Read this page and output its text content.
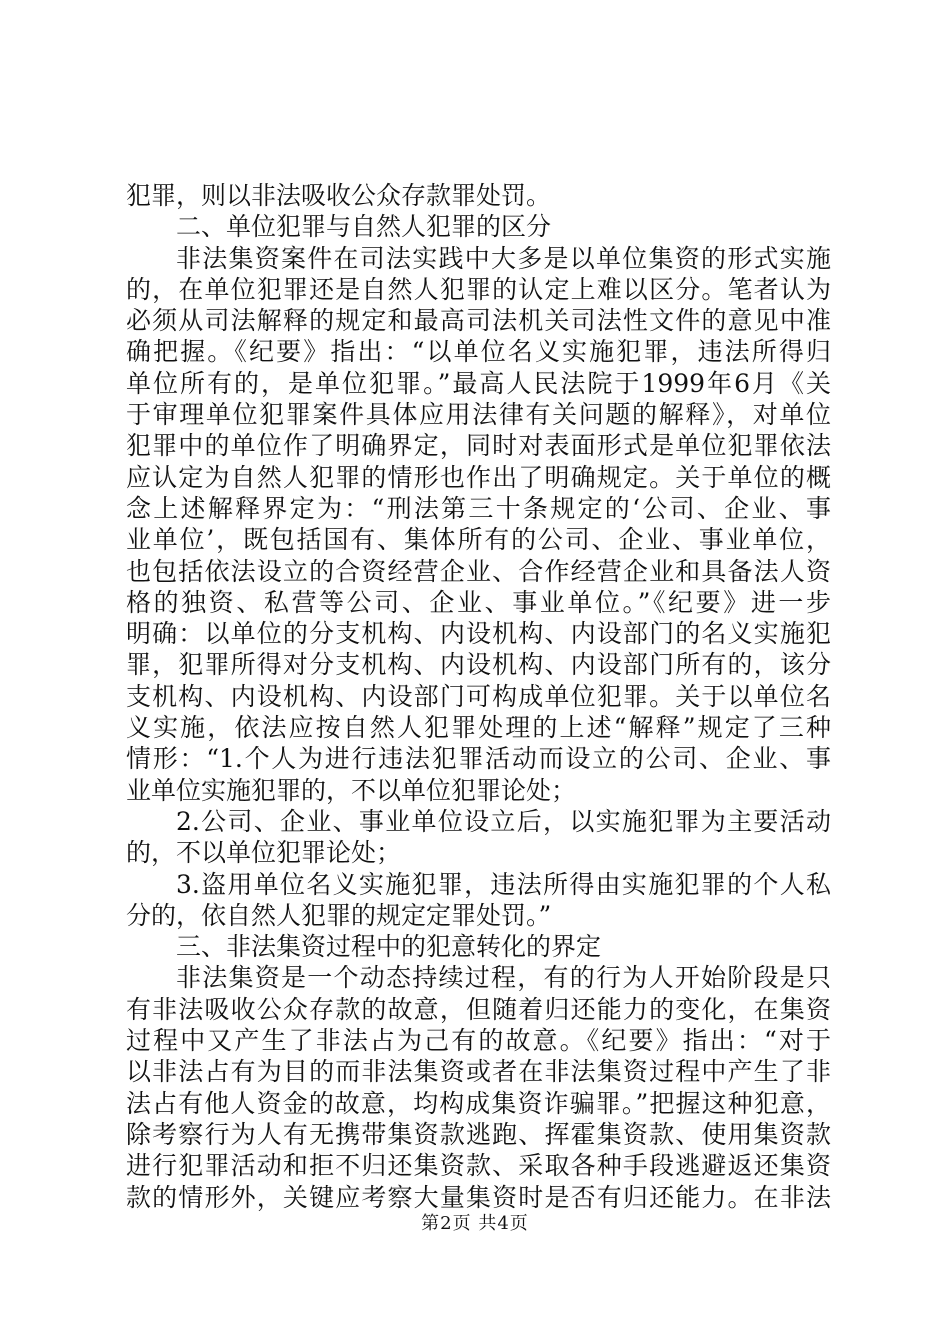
犯罪，则以非法吸收公众存款罪处罚。
二、单位犯罪与自然人犯罪的区分
非法集资案件在司法实践中大多是以单位集资的形式实施
的，在单位犯罪还是自然人犯罪的认定上难以区分。笔者认为
必须从司法解释的规定和最高司法机关司法性文件的意见中准
确把握。《纪要》指出：“以单位名义实施犯罪，违法所得归
单位所有的，是单位犯罪。”最高人民法院于1999年6月《关
于审理单位犯罪案件具体应用法律有关问题的解释》，对单位
犯罪中的单位作了明确界定，同时对表面形式是单位犯罪依法
应认定为自然人犯罪的情形也作出了明确规定。关于单位的概
念上述解释界定为：“刑法第三十条规定的‘公司、企业、事
业单位’，既包括国有、集体所有的公司、企业、事业单位，
也包括依法设立的合资经营企业、合作经营企业和具备法人资
格的独资、私营等公司、企业、事业单位。”《纪要》进一步
明确：以单位的分支机构、内设机构、内设部门的名义实施犯
罪，犯罪所得对分支机构、内设机构、内设部门所有的，该分
支机构、内设机构、内设部门可构成单位犯罪。关于以单位名
义实施，依法应按自然人犯罪处理的上述“解释”规定了三种
情形：“1.个人为进行违法犯罪活动而设立的公司、企业、事
业单位实施犯罪的，不以单位犯罪论处；
2.公司、企业、事业单位设立后，以实施犯罪为主要活动
的，不以单位犯罪论处；
3.盗用单位名义实施犯罪，违法所得由实施犯罪的个人私
分的，依自然人犯罪的规定定罪处罚。”
三、非法集资过程中的犯意转化的界定
非法集资是一个动态持续过程，有的行为人开始阶段是只
有非法吸收公众存款的故意，但随着归还能力的变化，在集资
过程中又产生了非法占为己有的故意。《纪要》指出：“对于
以非法占有为目的而非法集资或者在非法集资过程中产生了非
法占有他人资金的故意，均构成集资诈骗罪。”把握这种犯意，
除考察行为人有无携带集资款逃跑、挥霍集资款、使用集资款
进行犯罪活动和拒不归还集资款、采取各种手段逃避返还集资
款的情形外，关键应考察大量集资时是否有归还能力。在非法
第2页 共4页
